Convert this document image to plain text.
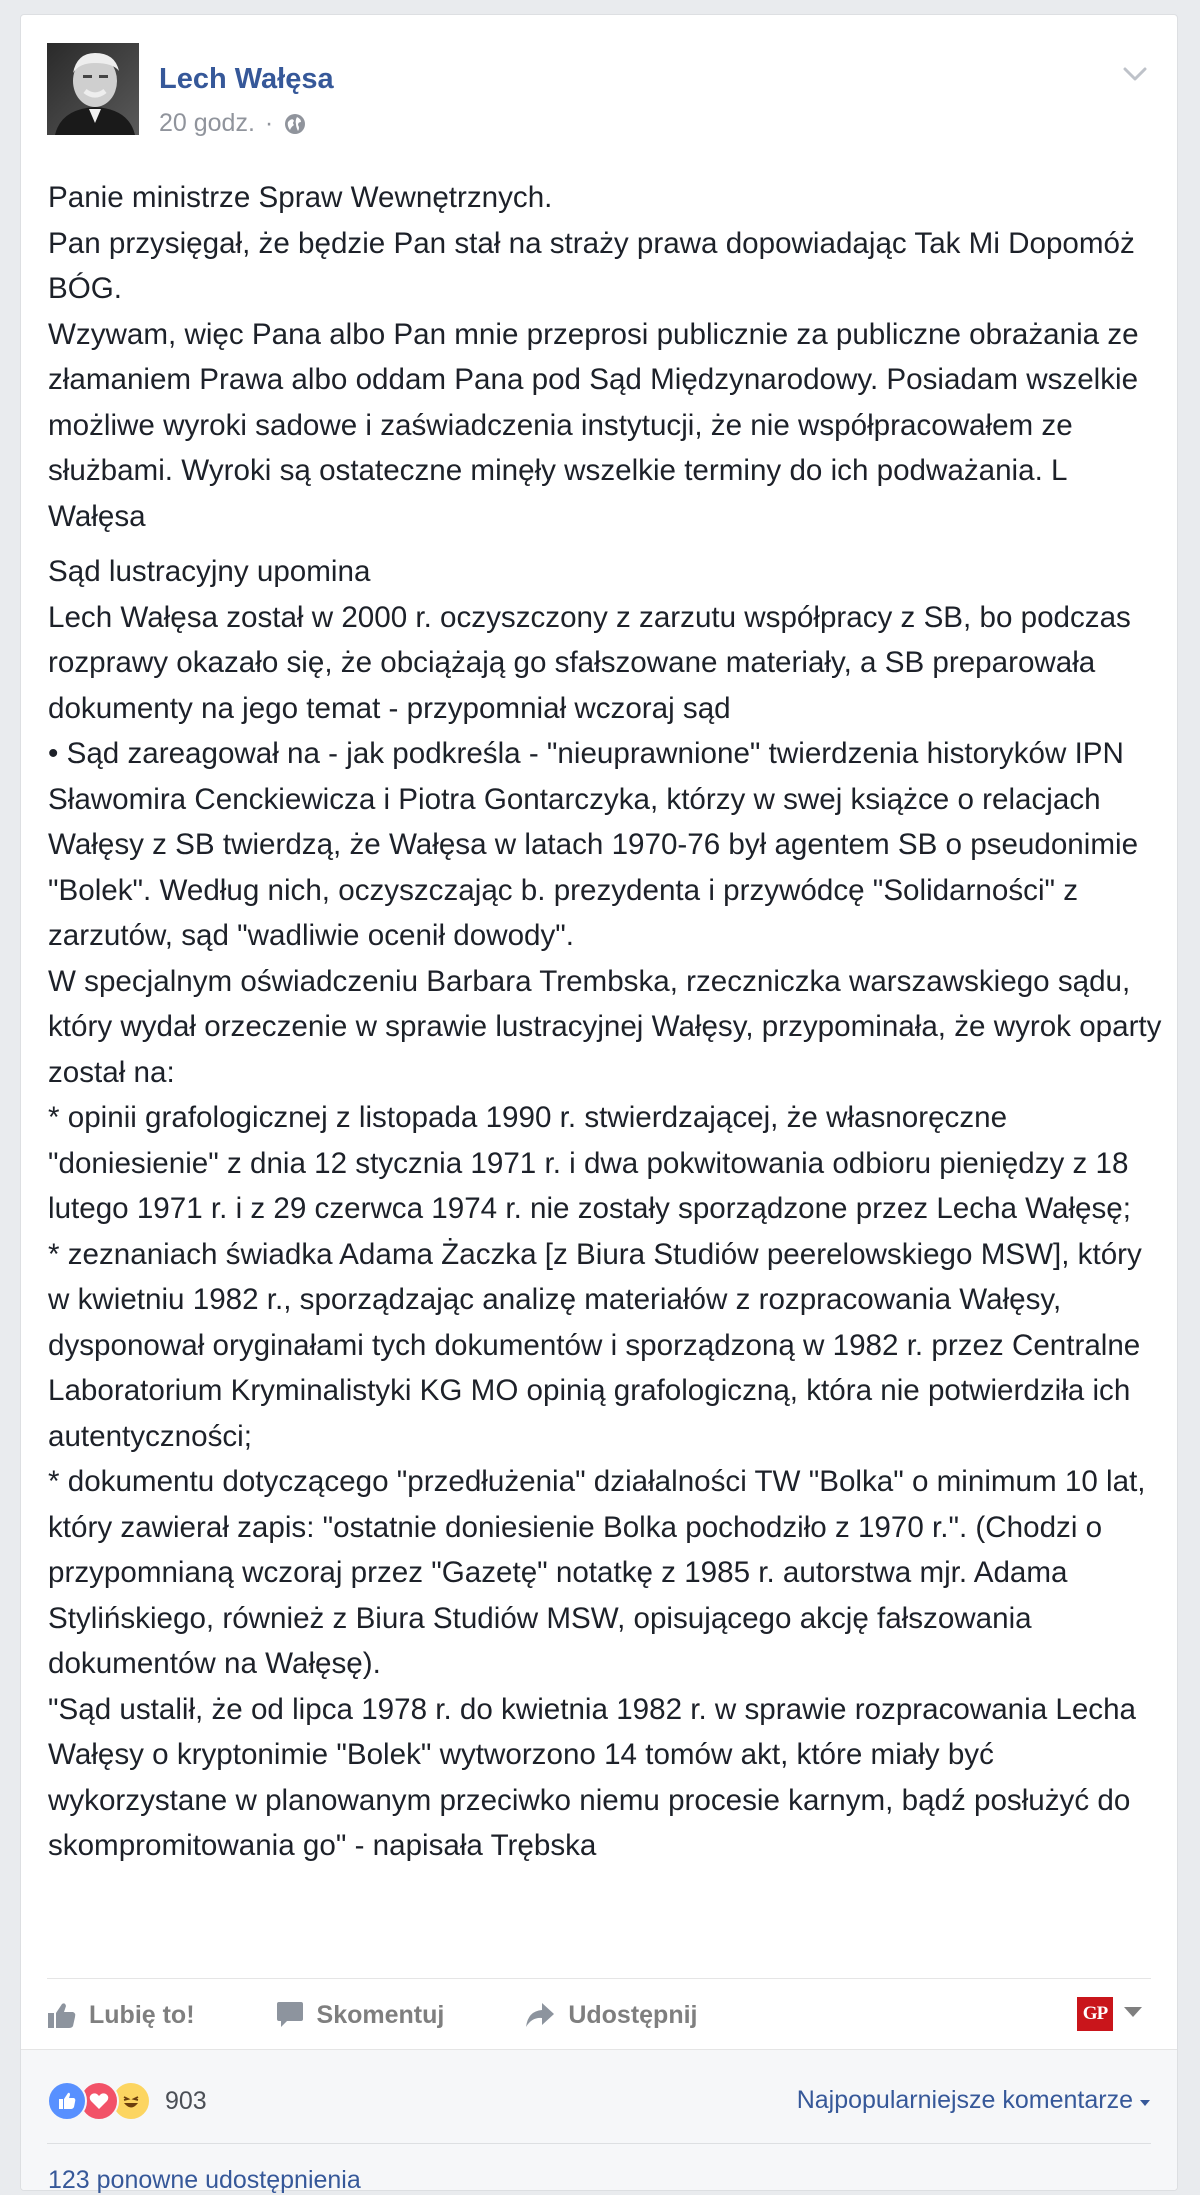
Lech Wałęsa
20 godz. ·

Panie ministrze Spraw Wewnętrznych.
Pan przysięgał, że będzie Pan stał na straży prawa dopowiadając Tak Mi Dopomóż BÓG.
Wzywam, więc Pana albo Pan mnie przeprosi publicznie za publiczne obrażania ze złamaniem Prawa albo oddam Pana pod Sąd Międzynarodowy. Posiadam wszelkie możliwe wyroki sadowe i zaświadczenia instytucji, że nie współpracowałem ze służbami. Wyroki są ostateczne minęły wszelkie terminy do ich podważania. L Wałęsa

Sąd lustracyjny upomina
Lech Wałęsa został w 2000 r. oczyszczony z zarzutu współpracy z SB, bo podczas rozprawy okazało się, że obciążają go sfałszowane materiały, a SB preparowała dokumenty na jego temat - przypomniał wczoraj sąd
• Sąd zareagował na - jak podkreśla - "nieuprawnione" twierdzenia historyków IPN Sławomira Cenckiewicza i Piotra Gontarczyka, którzy w swej książce o relacjach Wałęsy z SB twierdzą, że Wałęsa w latach 1970-76 był agentem SB o pseudonimie "Bolek". Według nich, oczyszczając b. prezydenta i przywódcę "Solidarności" z zarzutów, sąd "wadliwie ocenił dowody".
W specjalnym oświadczeniu Barbara Trembska, rzeczniczka warszawskiego sądu, który wydał orzeczenie w sprawie lustracyjnej Wałęsy, przypominała, że wyrok oparty został na:
* opinii grafologicznej z listopada 1990 r. stwierdzającej, że własnoręczne "doniesienie" z dnia 12 stycznia 1971 r. i dwa pokwitowania odbioru pieniędzy z 18 lutego 1971 r. i z 29 czerwca 1974 r. nie zostały sporządzone przez Lecha Wałęsę;
* zeznaniach świadka Adama Żaczka [z Biura Studiów peerelowskiego MSW], który w kwietniu 1982 r., sporządzając analizę materiałów z rozpracowania Wałęsy, dysponował oryginałami tych dokumentów i sporządzoną w 1982 r. przez Centralne Laboratorium Kryminalistyki KG MO opinią grafologiczną, która nie potwierdziła ich autentyczności;
* dokumentu dotyczącego "przedłużenia" działalności TW "Bolka" o minimum 10 lat, który zawierał zapis: "ostatnie doniesienie Bolka pochodziło z 1970 r.". (Chodzi o przypomnianą wczoraj przez "Gazetę" notatkę z 1985 r. autorstwa mjr. Adama Stylińskiego, również z Biura Studiów MSW, opisującego akcję fałszowania dokumentów na Wałęsę).
"Sąd ustalił, że od lipca 1978 r. do kwietnia 1982 r. w sprawie rozpracowania Lecha Wałęsy o kryptonimie "Bolek" wytworzono 14 tomów akt, które miały być wykorzystane w planowanym przeciwko niemu procesie karnym, bądź posłużyć do skompromitowania go" - napisała Trębska

Lubię to!	Skomentuj	Udostępnij	GP
903	Najpopularniejsze komentarze
123 ponowne udostępnienia
